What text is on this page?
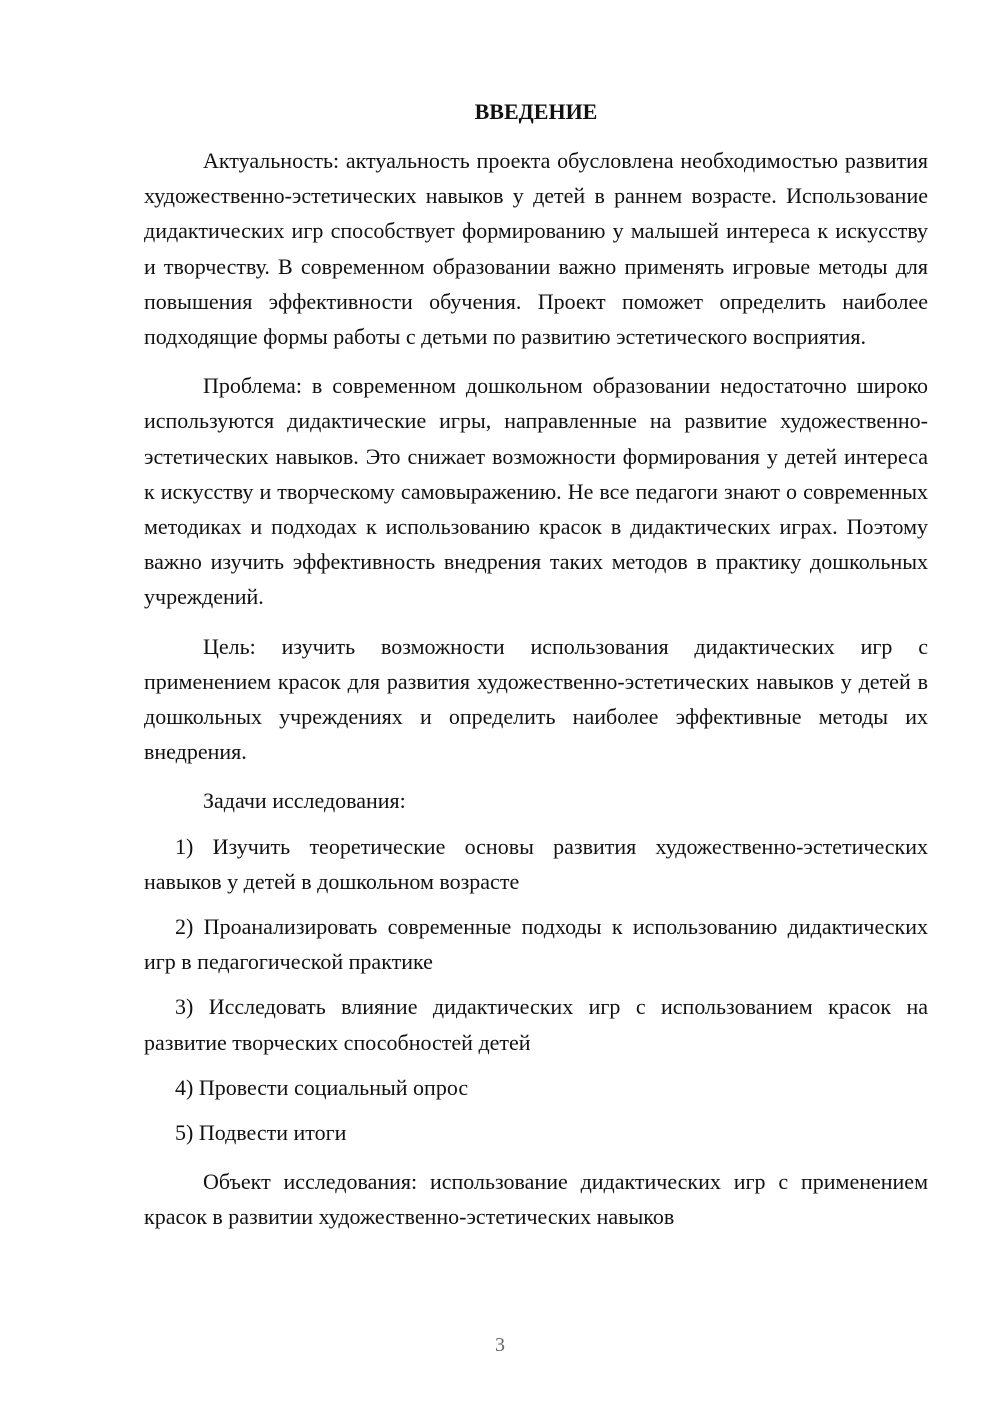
ВВЕДЕНИЕ

Актуальность: актуальность проекта обусловлена необходимостью развития художественно-эстетических навыков у детей в раннем возрасте. Использование дидактических игр способствует формированию у малышей интереса к искусству и творчеству. В современном образовании важно применять игровые методы для повышения эффективности обучения. Проект поможет определить наиболее подходящие формы работы с детьми по развитию эстетического восприятия.

Проблема: в современном дошкольном образовании недостаточно широко используются дидактические игры, направленные на развитие художественно-эстетических навыков. Это снижает возможности формирования у детей интереса к искусству и творческому самовыражению. Не все педагоги знают о современных методиках и подходах к использованию красок в дидактических играх. Поэтому важно изучить эффективность внедрения таких методов в практику дошкольных учреждений.

Цель: изучить возможности использования дидактических игр с применением красок для развития художественно-эстетических навыков у детей в дошкольных учреждениях и определить наиболее эффективные методы их внедрения.

Задачи исследования:

1) Изучить теоретические основы развития художественно-эстетических навыков у детей в дошкольном возрасте

2) Проанализировать современные подходы к использованию дидактических игр в педагогической практике

3) Исследовать влияние дидактических игр с использованием красок на развитие творческих способностей детей

4) Провести социальный опрос

5) Подвести итоги

Объект исследования: использование дидактических игр с применением красок в развитии художественно-эстетических навыков

3
